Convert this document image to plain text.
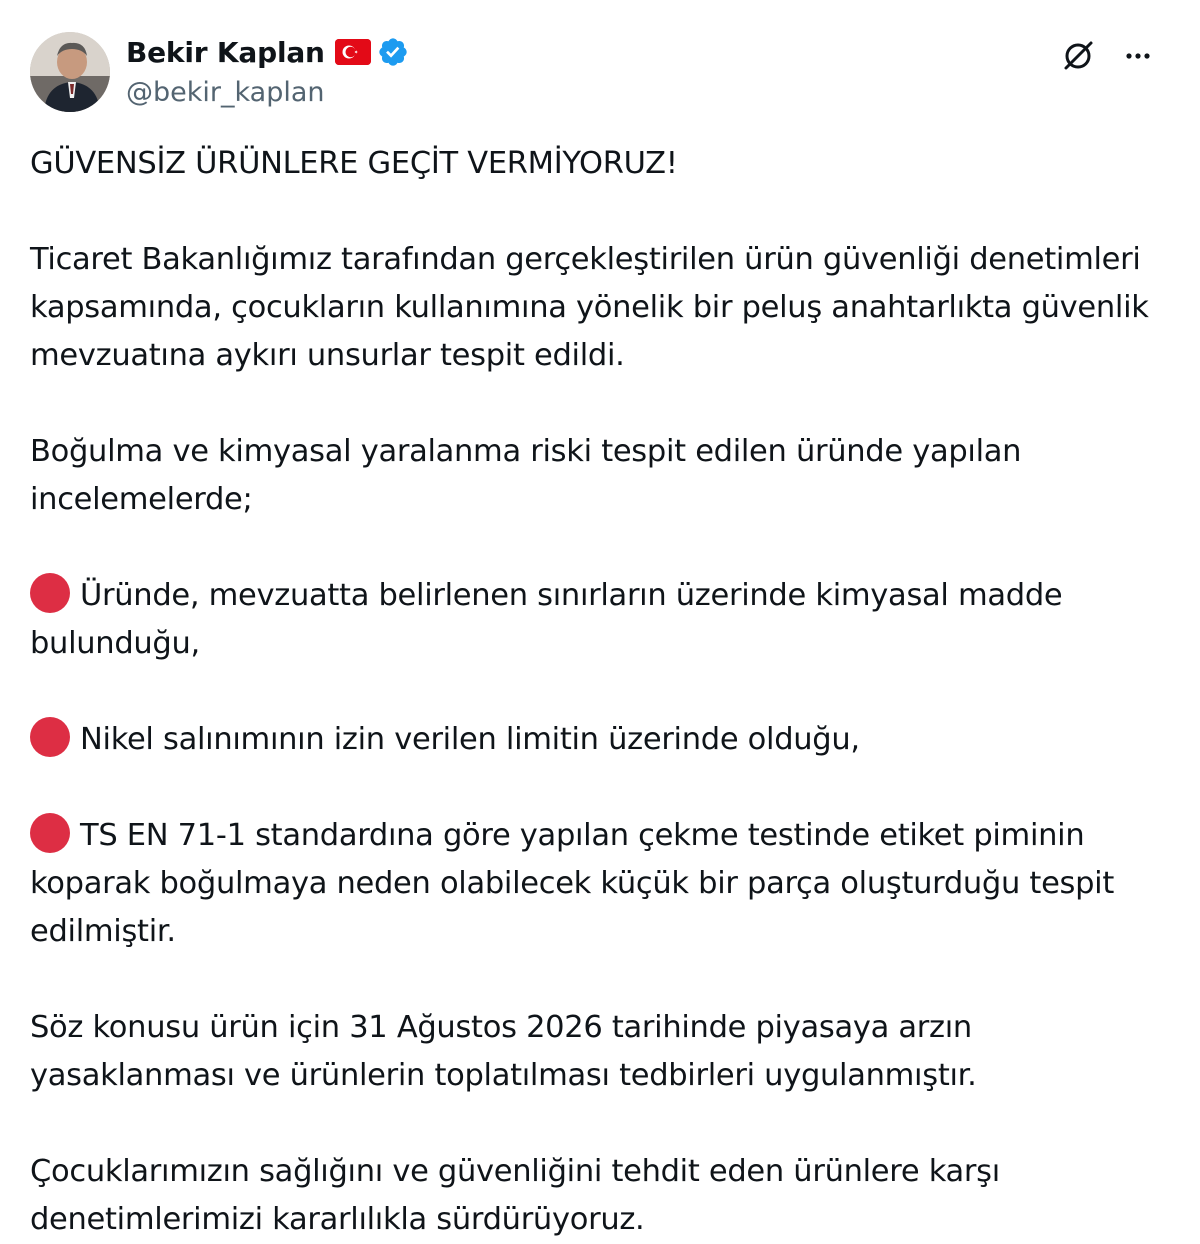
Bekir Kaplan
@bekir_kaplan

GÜVENSİZ ÜRÜNLERE GEÇİT VERMİYORUZ!

Ticaret Bakanlığımız tarafından gerçekleştirilen ürün güvenliği denetimleri kapsamında, çocukların kullanımına yönelik bir peluş anahtarlıkta güvenlik mevzuatına aykırı unsurlar tespit edildi.

Boğulma ve kimyasal yaralanma riski tespit edilen üründe yapılan incelemelerde;

Üründe, mevzuatta belirlenen sınırların üzerinde kimyasal madde bulunduğu,

Nikel salınımının izin verilen limitin üzerinde olduğu,

TS EN 71-1 standardına göre yapılan çekme testinde etiket piminin koparak boğulmaya neden olabilecek küçük bir parça oluşturduğu tespit edilmiştir.

Söz konusu ürün için 31 Ağustos 2026 tarihinde piyasaya arzın yasaklanması ve ürünlerin toplatılması tedbirleri uygulanmıştır.

Çocuklarımızın sağlığını ve güvenliğini tehdit eden ürünlere karşı denetimlerimizi kararlılıkla sürdürüyoruz.
